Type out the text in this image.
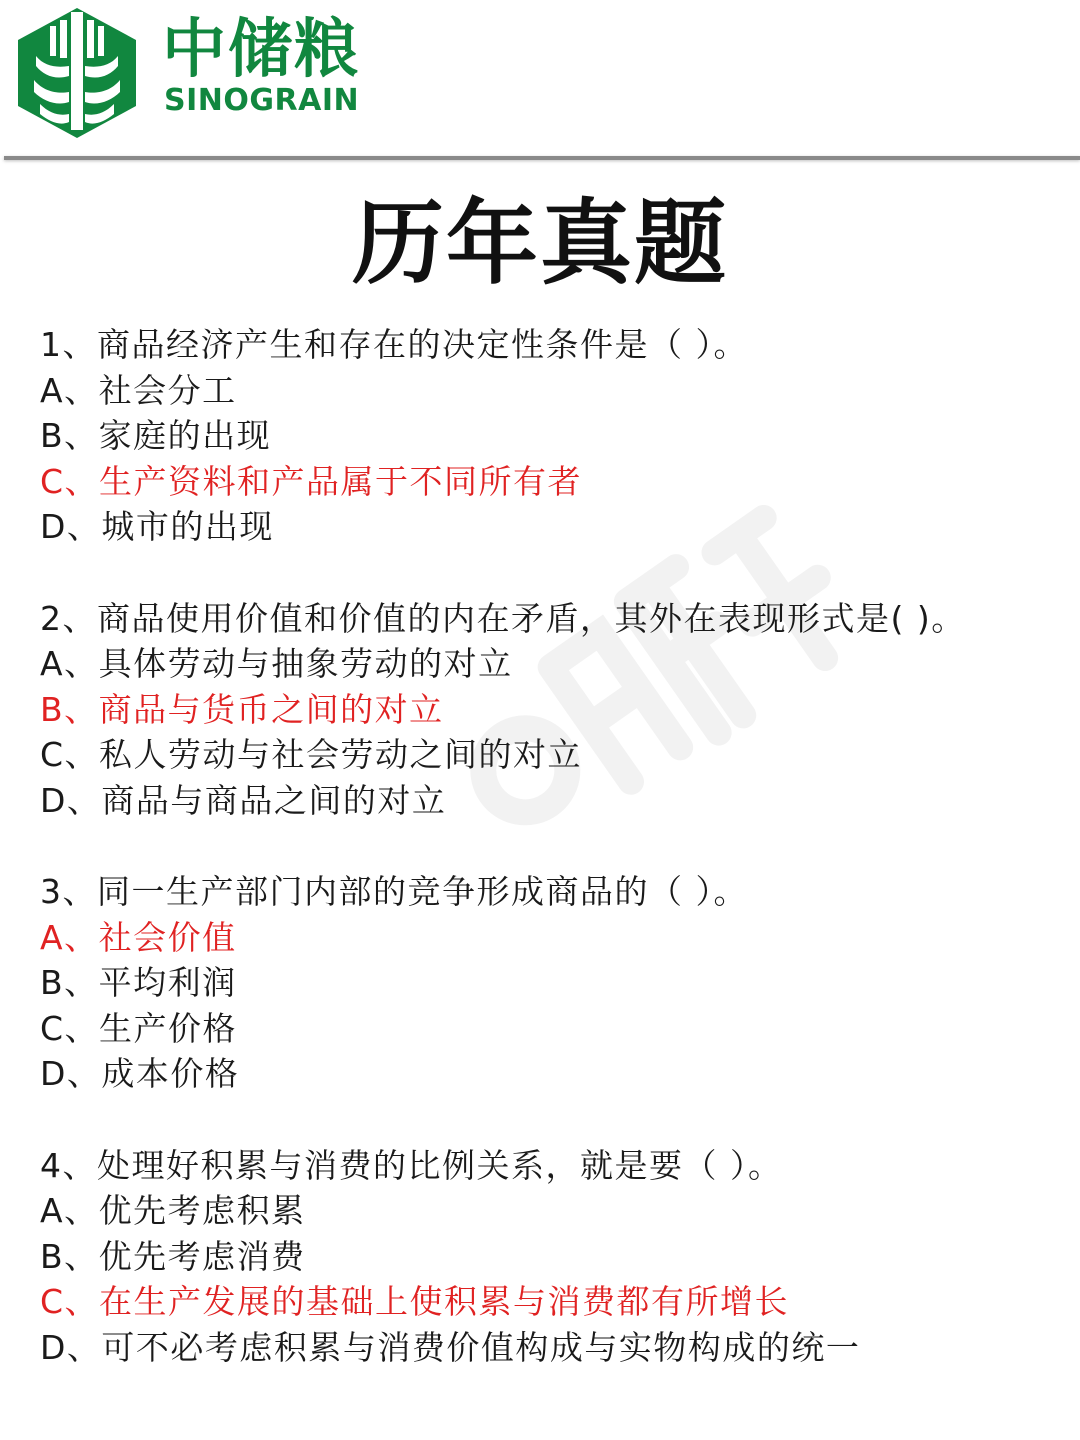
中储粮
SINOGRAIN
历年真题
1、商品经济产生和存在的决定性条件是（ ）。
A、社会分工
B、家庭的出现
C、生产资料和产品属于不同所有者
D、城市的出现
2、商品使用价值和价值的内在矛盾，其外在表现形式是( )。
A、具体劳动与抽象劳动的对立
B、商品与货币之间的对立
C、私人劳动与社会劳动之间的对立
D、商品与商品之间的对立
3、同一生产部门内部的竞争形成商品的（ ）。
A、社会价值
B、平均利润
C、生产价格
D、成本价格
4、处理好积累与消费的比例关系，就是要（ ）。
A、优先考虑积累
B、优先考虑消费
C、在生产发展的基础上使积累与消费都有所增长
D、可不必考虑积累与消费价值构成与实物构成的统一
